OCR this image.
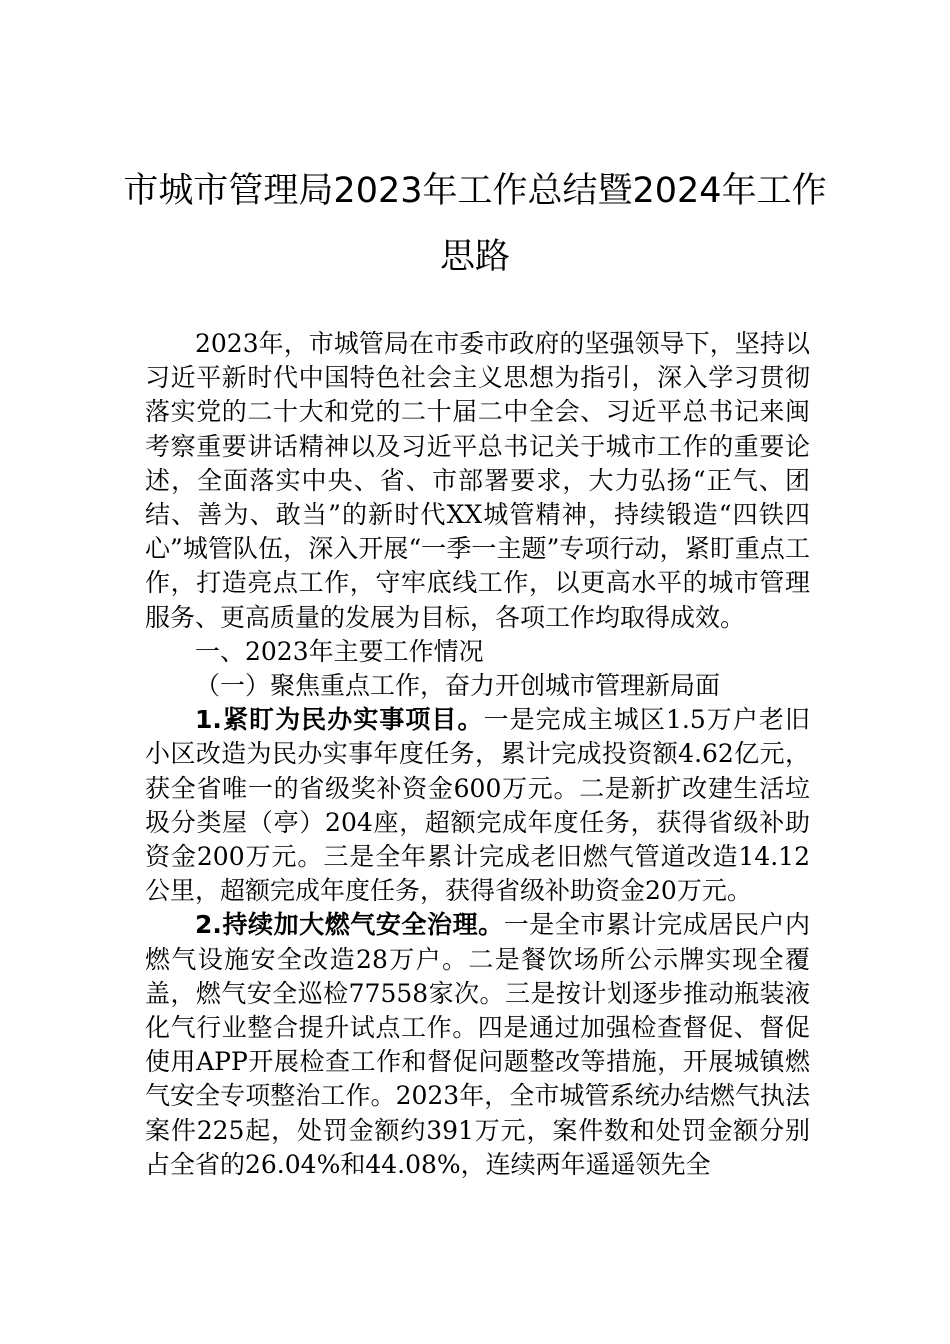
市城市管理局2023年工作总结暨2024年工作思路

2023年，市城管局在市委市政府的坚强领导下，坚持以习近平新时代中国特色社会主义思想为指引，深入学习贯彻落实党的二十大和党的二十届二中全会、习近平总书记来闽考察重要讲话精神以及习近平总书记关于城市工作的重要论述，全面落实中央、省、市部署要求，大力弘扬“正气、团结、善为、敢当”的新时代XX城管精神，持续锻造“四铁四心”城管队伍，深入开展“一季一主题”专项行动，紧盯重点工作，打造亮点工作，守牢底线工作，以更高水平的城市管理服务、更高质量的发展为目标，各项工作均取得成效。

一、2023年主要工作情况

（一）聚焦重点工作，奋力开创城市管理新局面

1.紧盯为民办实事项目。一是完成主城区1.5万户老旧小区改造为民办实事年度任务，累计完成投资额4.62亿元，获全省唯一的省级奖补资金600万元。二是新扩改建生活垃圾分类屋（亭）204座，超额完成年度任务，获得省级补助资金200万元。三是全年累计完成老旧燃气管道改造14.12公里，超额完成年度任务，获得省级补助资金20万元。

2.持续加大燃气安全治理。一是全市累计完成居民户内燃气设施安全改造28万户。二是餐饮场所公示牌实现全覆盖，燃气安全巡检77558家次。三是按计划逐步推动瓶装液化气行业整合提升试点工作。四是通过加强检查督促、督促使用APP开展检查工作和督促问题整改等措施，开展城镇燃气安全专项整治工作。2023年，全市城管系统办结燃气执法案件225起，处罚金额约391万元，案件数和处罚金额分别占全省的26.04%和44.08%，连续两年遥遥领先全
